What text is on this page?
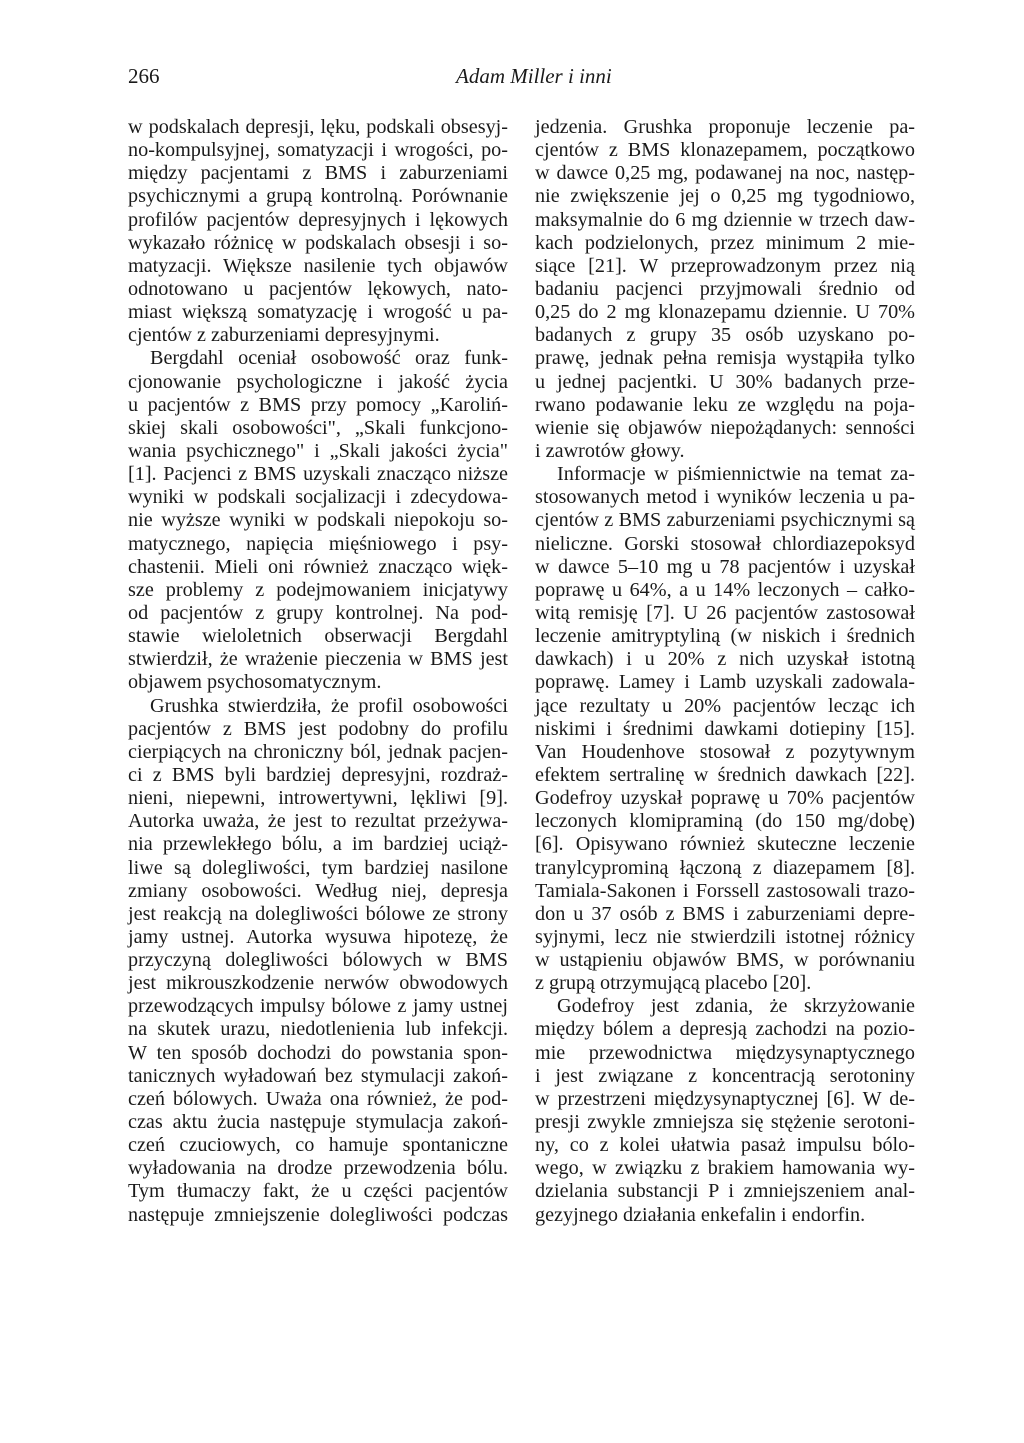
266	Adam Miller i inni
w podskalach depresji, lęku, podskali obsesyj-
no-kompulsyjnej, somatyzacji i wrogości, po-
między pacjentami z BMS i zaburzeniami
psychicznymi a grupą kontrolną. Porównanie
profilów pacjentów depresyjnych i lękowych
wykazało różnicę w podskalach obsesji i so-
matyzacji. Większe nasilenie tych objawów
odnotowano u pacjentów lękowych, nato-
miast większą somatyzację i wrogość u pa-
cjentów z zaburzeniami depresyjnymi.
Bergdahl oceniał osobowość oraz funk-
cjonowanie psychologiczne i jakość życia
u pacjentów z BMS przy pomocy „Karoliń-
skiej skali osobowości", „Skali funkcjono-
wania psychicznego" i „Skali jakości życia"
[1]. Pacjenci z BMS uzyskali znacząco niższe
wyniki w podskali socjalizacji i zdecydowa-
nie wyższe wyniki w podskali niepokoju so-
matycznego, napięcia mięśniowego i psy-
chastenii. Mieli oni również znacząco więk-
sze problemy z podejmowaniem inicjatywy
od pacjentów z grupy kontrolnej. Na pod-
stawie wieloletnich obserwacji Bergdahl
stwierdził, że wrażenie pieczenia w BMS jest
objawem psychosomatycznym.
Grushka stwierdziła, że profil osobowości
pacjentów z BMS jest podobny do profilu
cierpiących na chroniczny ból, jednak pacjen-
ci z BMS byli bardziej depresyjni, rozdraż-
nieni, niepewni, introwertywni, lękliwi [9].
Autorka uważa, że jest to rezultat przeżywa-
nia przewlekłego bólu, a im bardziej uciąż-
liwe są dolegliwości, tym bardziej nasilone
zmiany osobowości. Według niej, depresja
jest reakcją na dolegliwości bólowe ze strony
jamy ustnej. Autorka wysuwa hipotezę, że
przyczyną dolegliwości bólowych w BMS
jest mikrouszkodzenie nerwów obwodowych
przewodzących impulsy bólowe z jamy ustnej
na skutek urazu, niedotlenienia lub infekcji.
W ten sposób dochodzi do powstania spon-
tanicznych wyładowań bez stymulacji zakoń-
czeń bólowych. Uważa ona również, że pod-
czas aktu żucia następuje stymulacja zakoń-
czeń czuciowych, co hamuje spontaniczne
wyładowania na drodze przewodzenia bólu.
Tym tłumaczy fakt, że u części pacjentów
następuje zmniejszenie dolegliwości podczas
jedzenia. Grushka proponuje leczenie pa-
cjentów z BMS klonazepamem, początkowo
w dawce 0,25 mg, podawanej na noc, następ-
nie zwiększenie jej o 0,25 mg tygodniowo,
maksymalnie do 6 mg dziennie w trzech daw-
kach podzielonych, przez minimum 2 mie-
siące [21]. W przeprowadzonym przez nią
badaniu pacjenci przyjmowali średnio od
0,25 do 2 mg klonazepamu dziennie. U 70%
badanych z grupy 35 osób uzyskano po-
prawę, jednak pełna remisja wystąpiła tylko
u jednej pacjentki. U 30% badanych prze-
rwano podawanie leku ze względu na poja-
wienie się objawów niepożądanych: senności
i zawrotów głowy.
Informacje w piśmiennictwie na temat za-
stosowanych metod i wyników leczenia u pa-
cjentów z BMS zaburzeniami psychicznymi są
nieliczne. Gorski stosował chlordiazepoksyd
w dawce 5–10 mg u 78 pacjentów i uzyskał
poprawę u 64%, a u 14% leczonych – całko-
witą remisję [7]. U 26 pacjentów zastosował
leczenie amitryptyliną (w niskich i średnich
dawkach) i u 20% z nich uzyskał istotną
poprawę. Lamey i Lamb uzyskali zadowala-
jące rezultaty u 20% pacjentów lecząc ich
niskimi i średnimi dawkami dotiepiny [15].
Van Houdenhove stosował z pozytywnym
efektem sertralinę w średnich dawkach [22].
Godefroy uzyskał poprawę u 70% pacjentów
leczonych klomipraminą (do 150 mg/dobę)
[6]. Opisywano również skuteczne leczenie
tranylcyprominą łączoną z diazepamem [8].
Tamiala-Sakonen i Forssell zastosowali trazo-
don u 37 osób z BMS i zaburzeniami depre-
syjnymi, lecz nie stwierdzili istotnej różnicy
w ustąpieniu objawów BMS, w porównaniu
z grupą otrzymującą placebo [20].
Godefroy jest zdania, że skrzyżowanie
między bólem a depresją zachodzi na pozio-
mie przewodnictwa międzysynaptycznego
i jest związane z koncentracją serotoniny
w przestrzeni międzysynaptycznej [6]. W de-
presji zwykle zmniejsza się stężenie serotoni-
ny, co z kolei ułatwia pasaż impulsu bólo-
wego, w związku z brakiem hamowania wy-
dzielania substancji P i zmniejszeniem anal-
gezyjnego działania enkefalin i endorfin.
